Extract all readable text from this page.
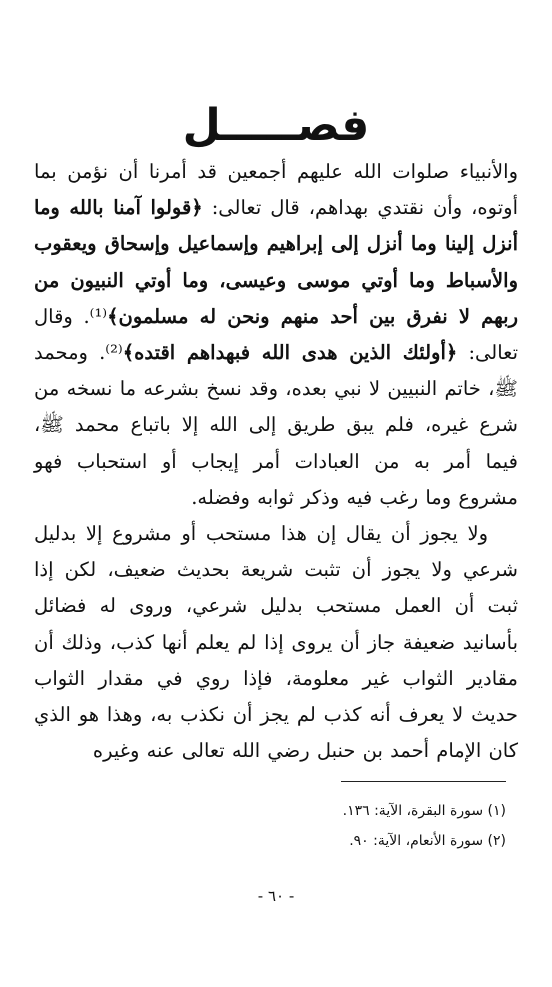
فصـــــل

والأنبياء صلوات الله عليهم أجمعين قد أمرنا أن نؤمن بما أوتوه، وأن نقتدي بهداهم، قال تعالى: ﴿قولوا آمنا بالله وما أنزل إلينا وما أنزل إلى إبراهيم وإسماعيل وإسحاق ويعقوب والأسباط وما أوتي موسى وعيسى، وما أوتي النبيون من ربهم لا نفرق بين أحد منهم ونحن له مسلمون﴾⁽¹⁾. وقال تعالى: ﴿أولئك الذين هدى الله فبهداهم اقتده﴾⁽²⁾. ومحمد ﷺ، خاتم النبيين لا نبي بعده، وقد نسخ بشرعه ما نسخه من شرع غيره، فلم يبق طريق إلى الله إلا باتباع محمد ﷺ، فيما أمر به من العبادات أمر إيجاب أو استحباب فهو مشروع وما رغب فيه وذكر ثوابه وفضله.

ولا يجوز أن يقال إن هذا مستحب أو مشروع إلا بدليل شرعي ولا يجوز أن تثبت شريعة بحديث ضعيف، لكن إذا ثبت أن العمل مستحب بدليل شرعي، وروى له فضائل بأسانيد ضعيفة جاز أن يروى إذا لم يعلم أنها كذب، وذلك أن مقادير الثواب غير معلومة، فإذا روي في مقدار الثواب حديث لا يعرف أنه كذب لم يجز أن نكذب به، وهذا هو الذي كان الإمام أحمد بن حنبل رضي الله تعالى عنه وغيره

(١) سورة البقرة، الآية: ١٣٦.
(٢) سورة الأنعام، الآية: ٩٠.
- ٦٠ -
